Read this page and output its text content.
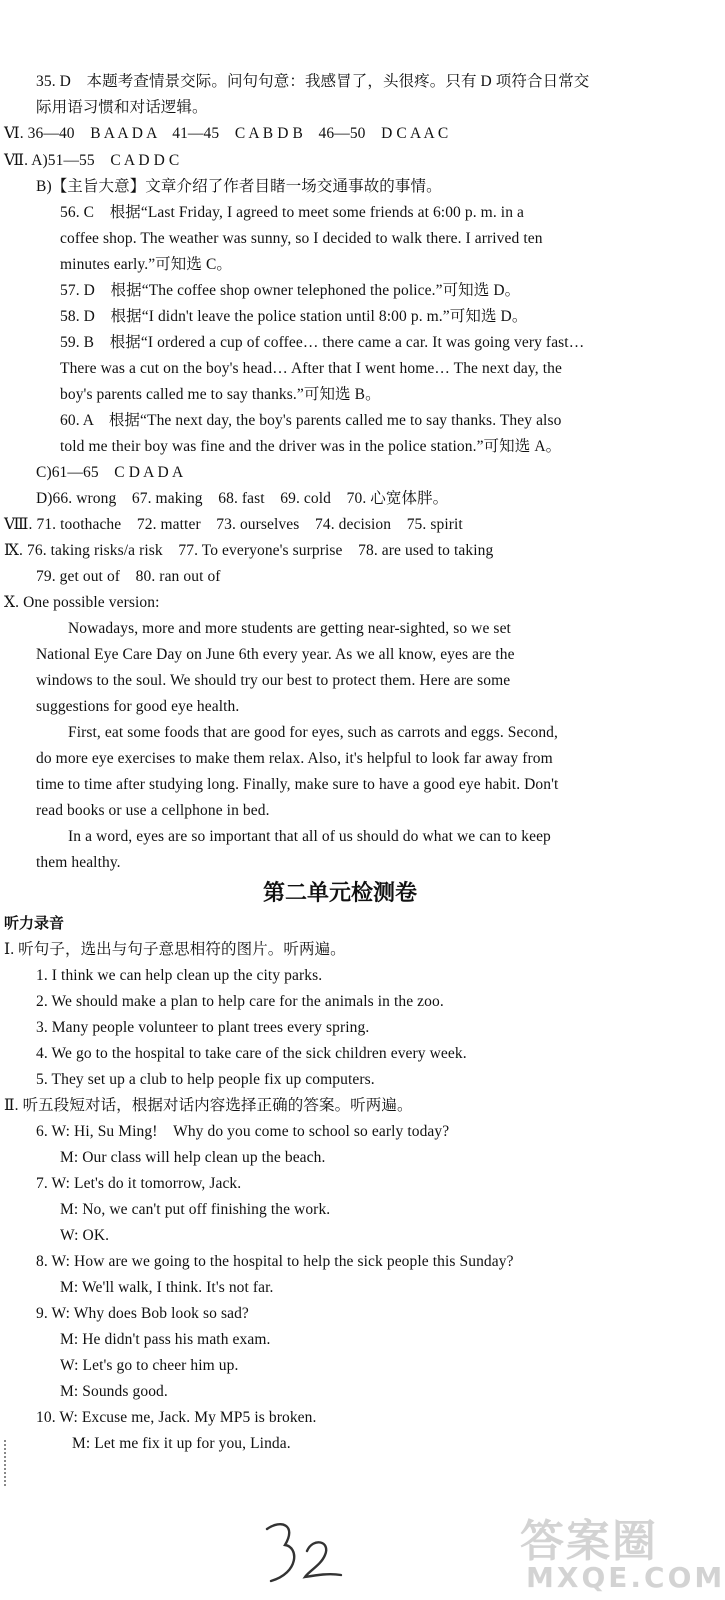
35. D　本题考查情景交际。问句句意：我感冒了，头很疼。只有 D 项符合日常交
际用语习惯和对话逻辑。
Ⅵ. 36—40　B A A D A　41—45　C A B D B　46—50　D C A A C
Ⅶ. A)51—55　C A D D C
B)【主旨大意】文章介绍了作者目睹一场交通事故的事情。
56. C　根据“Last Friday, I agreed to meet some friends at 6:00 p. m. in a
coffee shop. The weather was sunny, so I decided to walk there. I arrived ten
minutes early.”可知选 C。
57. D　根据“The coffee shop owner telephoned the police.”可知选 D。
58. D　根据“I didn't leave the police station until 8:00 p. m.”可知选 D。
59. B　根据“I ordered a cup of coffee… there came a car. It was going very fast…
There was a cut on the boy's head… After that I went home… The next day, the
boy's parents called me to say thanks.”可知选 B。
60. A　根据“The next day, the boy's parents called me to say thanks. They also
told me their boy was fine and the driver was in the police station.”可知选 A。
C)61—65　C D A D A
D)66. wrong　67. making　68. fast　69. cold　70. 心宽体胖。
Ⅷ. 71. toothache　72. matter　73. ourselves　74. decision　75. spirit
Ⅸ. 76. taking risks/a risk　77. To everyone's surprise　78. are used to taking
79. get out of　80. ran out of
Ⅹ. One possible version:
Nowadays, more and more students are getting near-sighted, so we set
National Eye Care Day on June 6th every year. As we all know, eyes are the
windows to the soul. We should try our best to protect them. Here are some
suggestions for good eye health.
First, eat some foods that are good for eyes, such as carrots and eggs. Second,
do more eye exercises to make them relax. Also, it's helpful to look far away from
time to time after studying long. Finally, make sure to have a good eye habit. Don't
read books or use a cellphone in bed.
In a word, eyes are so important that all of us should do what we can to keep
them healthy.
第二单元检测卷
听力录音
Ⅰ. 听句子，选出与句子意思相符的图片。听两遍。
1. I think we can help clean up the city parks.
2. We should make a plan to help care for the animals in the zoo.
3. Many people volunteer to plant trees every spring.
4. We go to the hospital to take care of the sick children every week.
5. They set up a club to help people fix up computers.
Ⅱ. 听五段短对话，根据对话内容选择正确的答案。听两遍。
6. W: Hi, Su Ming!　Why do you come to school so early today?
M: Our class will help clean up the beach.
7. W: Let's do it tomorrow, Jack.
M: No, we can't put off finishing the work.
W: OK.
8. W: How are we going to the hospital to help the sick people this Sunday?
M: We'll walk, I think. It's not far.
9. W: Why does Bob look so sad?
M: He didn't pass his math exam.
W: Let's go to cheer him up.
M: Sounds good.
10. W: Excuse me, Jack. My MP5 is broken.
M: Let me fix it up for you, Linda.
答案圈
MXQE.COM
